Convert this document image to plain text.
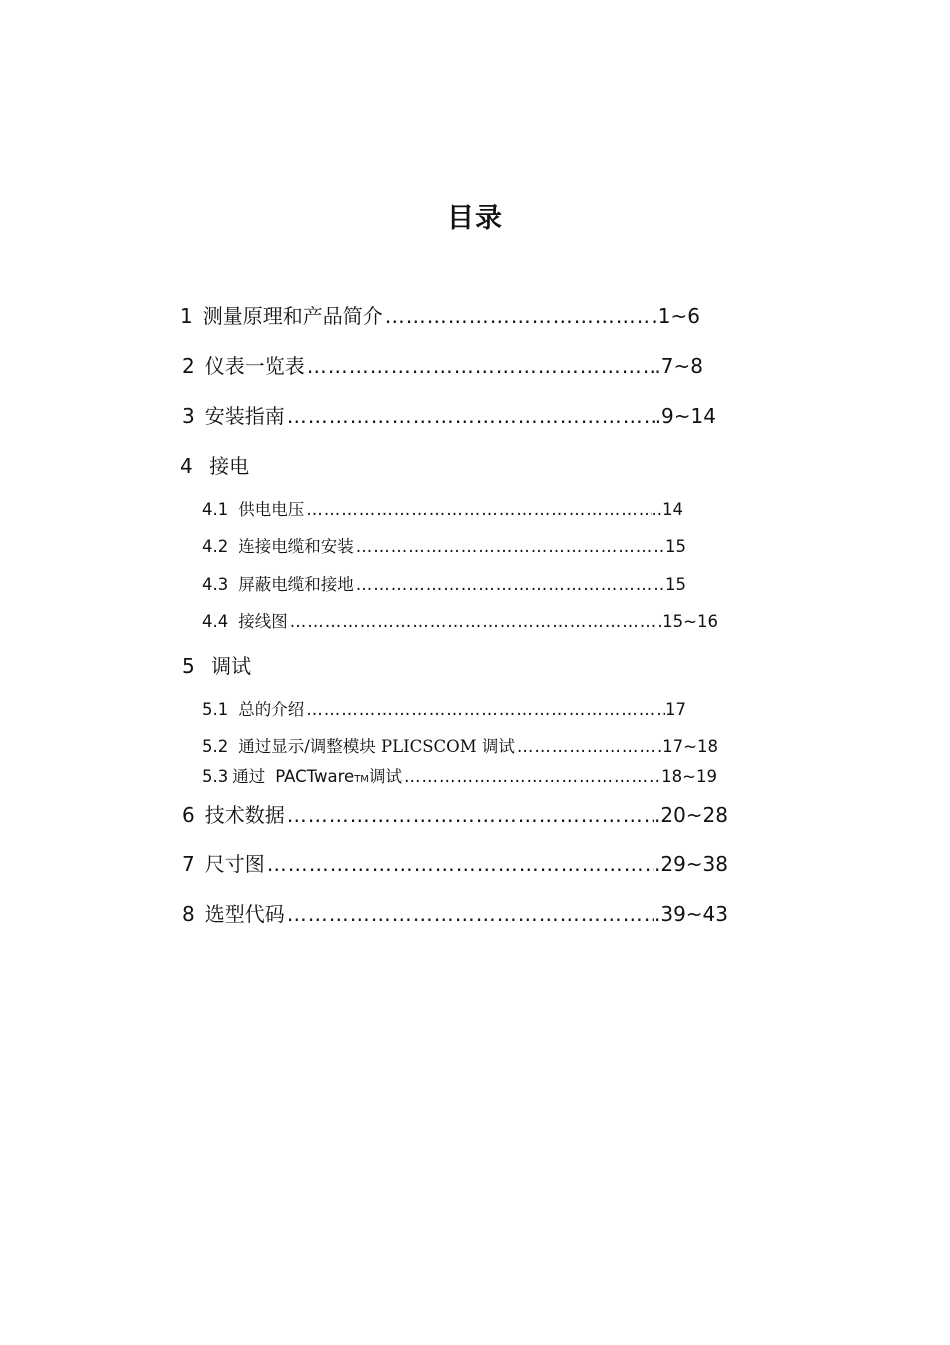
目录
1 测量原理和产品简介 ……………………………………………………………………………………………………………………………………………………	.1~6
2 仪表一览表 ……………………………………………………………………………………………………………………………………………………	.7~8
3 安装指南 ……………………………………………………………………………………………………………………………………………………	.9~14
4 接电
4.1 供电电压 ……………………………………………………………………………………………………………………………………………………	..14
4.2 连接电缆和安装 ……………………………………………………………………………………………………………………………………………………	15
4.3 屏蔽电缆和接地 ……………………………………………………………………………………………………………………………………………………	15
4.4 接线图 ……………………………………………………………………………………………………………………………………………………	15~16
5 调试
5.1 总的介绍 ……………………………………………………………………………………………………………………………………………………	17
5.2 通过显示/调整模块 PLICSCOM 调试 ……………………………………………………………………………………………………………………………………………………	17~18
5.3 通过 PACTware TM 调试 ……………………………………………………………………………………………………………………………………………………	18~19
6 技术数据 ……………………………………………………………………………………………………………………………………………………	.20~28
7 尺寸图 ……………………………………………………………………………………………………………………………………………………	.29~38
8 选型代码 ……………………………………………………………………………………………………………………………………………………	.39~43
